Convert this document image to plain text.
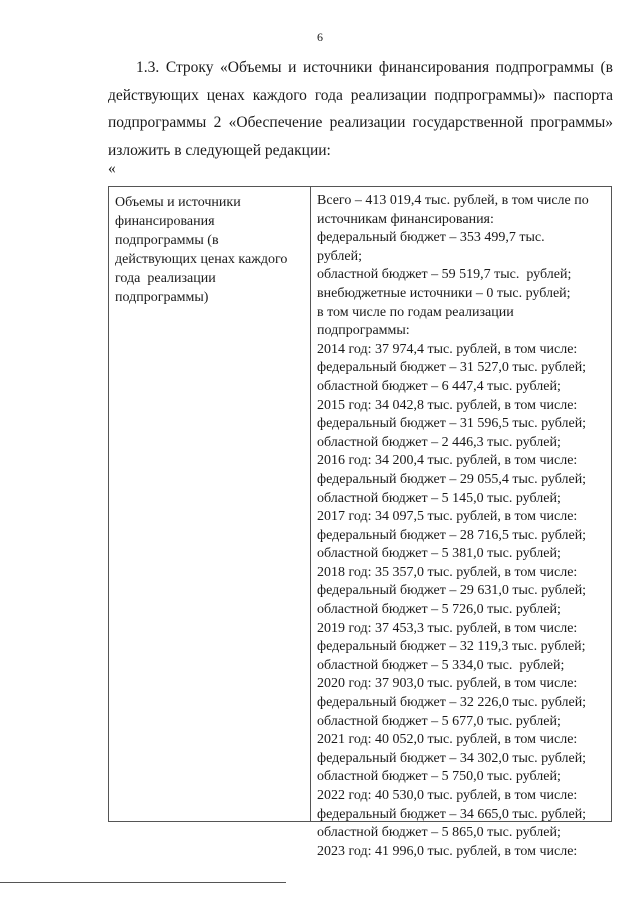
6

1.3. Строку «Объемы и источники финансирования подпрограммы (в

действующих ценах каждого года реализации подпрограммы)» паспорта

подпрограммы 2 «Обеспечение реализации государственной программы»

изложить в следующей редакции:

«
Объемы и источники
финансирования
подпрограммы (в
действующих ценах каждого
года  реализации
подпрограммы)
Всего – 413 019,4 тыс. рублей, в том числе по
источникам финансирования:
федеральный бюджет – 353 499,7 тыс.
рублей;
областной бюджет – 59 519,7 тыс.  рублей;
внебюджетные источники – 0 тыс. рублей;
в том числе по годам реализации
подпрограммы:
2014 год: 37 974,4 тыс. рублей, в том числе:
федеральный бюджет – 31 527,0 тыс. рублей;
областной бюджет – 6 447,4 тыс. рублей;
2015 год: 34 042,8 тыс. рублей, в том числе:
федеральный бюджет – 31 596,5 тыс. рублей;
областной бюджет – 2 446,3 тыс. рублей;
2016 год: 34 200,4 тыс. рублей, в том числе:
федеральный бюджет – 29 055,4 тыс. рублей;
областной бюджет – 5 145,0 тыс. рублей;
2017 год: 34 097,5 тыс. рублей, в том числе:
федеральный бюджет – 28 716,5 тыс. рублей;
областной бюджет – 5 381,0 тыс. рублей;
2018 год: 35 357,0 тыс. рублей, в том числе:
федеральный бюджет – 29 631,0 тыс. рублей;
областной бюджет – 5 726,0 тыс. рублей;
2019 год: 37 453,3 тыс. рублей, в том числе:
федеральный бюджет – 32 119,3 тыс. рублей;
областной бюджет – 5 334,0 тыс.  рублей;
2020 год: 37 903,0 тыс. рублей, в том числе:
федеральный бюджет – 32 226,0 тыс. рублей;
областной бюджет – 5 677,0 тыс. рублей;
2021 год: 40 052,0 тыс. рублей, в том числе:
федеральный бюджет – 34 302,0 тыс. рублей;
областной бюджет – 5 750,0 тыс. рублей;
2022 год: 40 530,0 тыс. рублей, в том числе:
федеральный бюджет – 34 665,0 тыс. рублей;
областной бюджет – 5 865,0 тыс. рублей;
2023 год: 41 996,0 тыс. рублей, в том числе:
